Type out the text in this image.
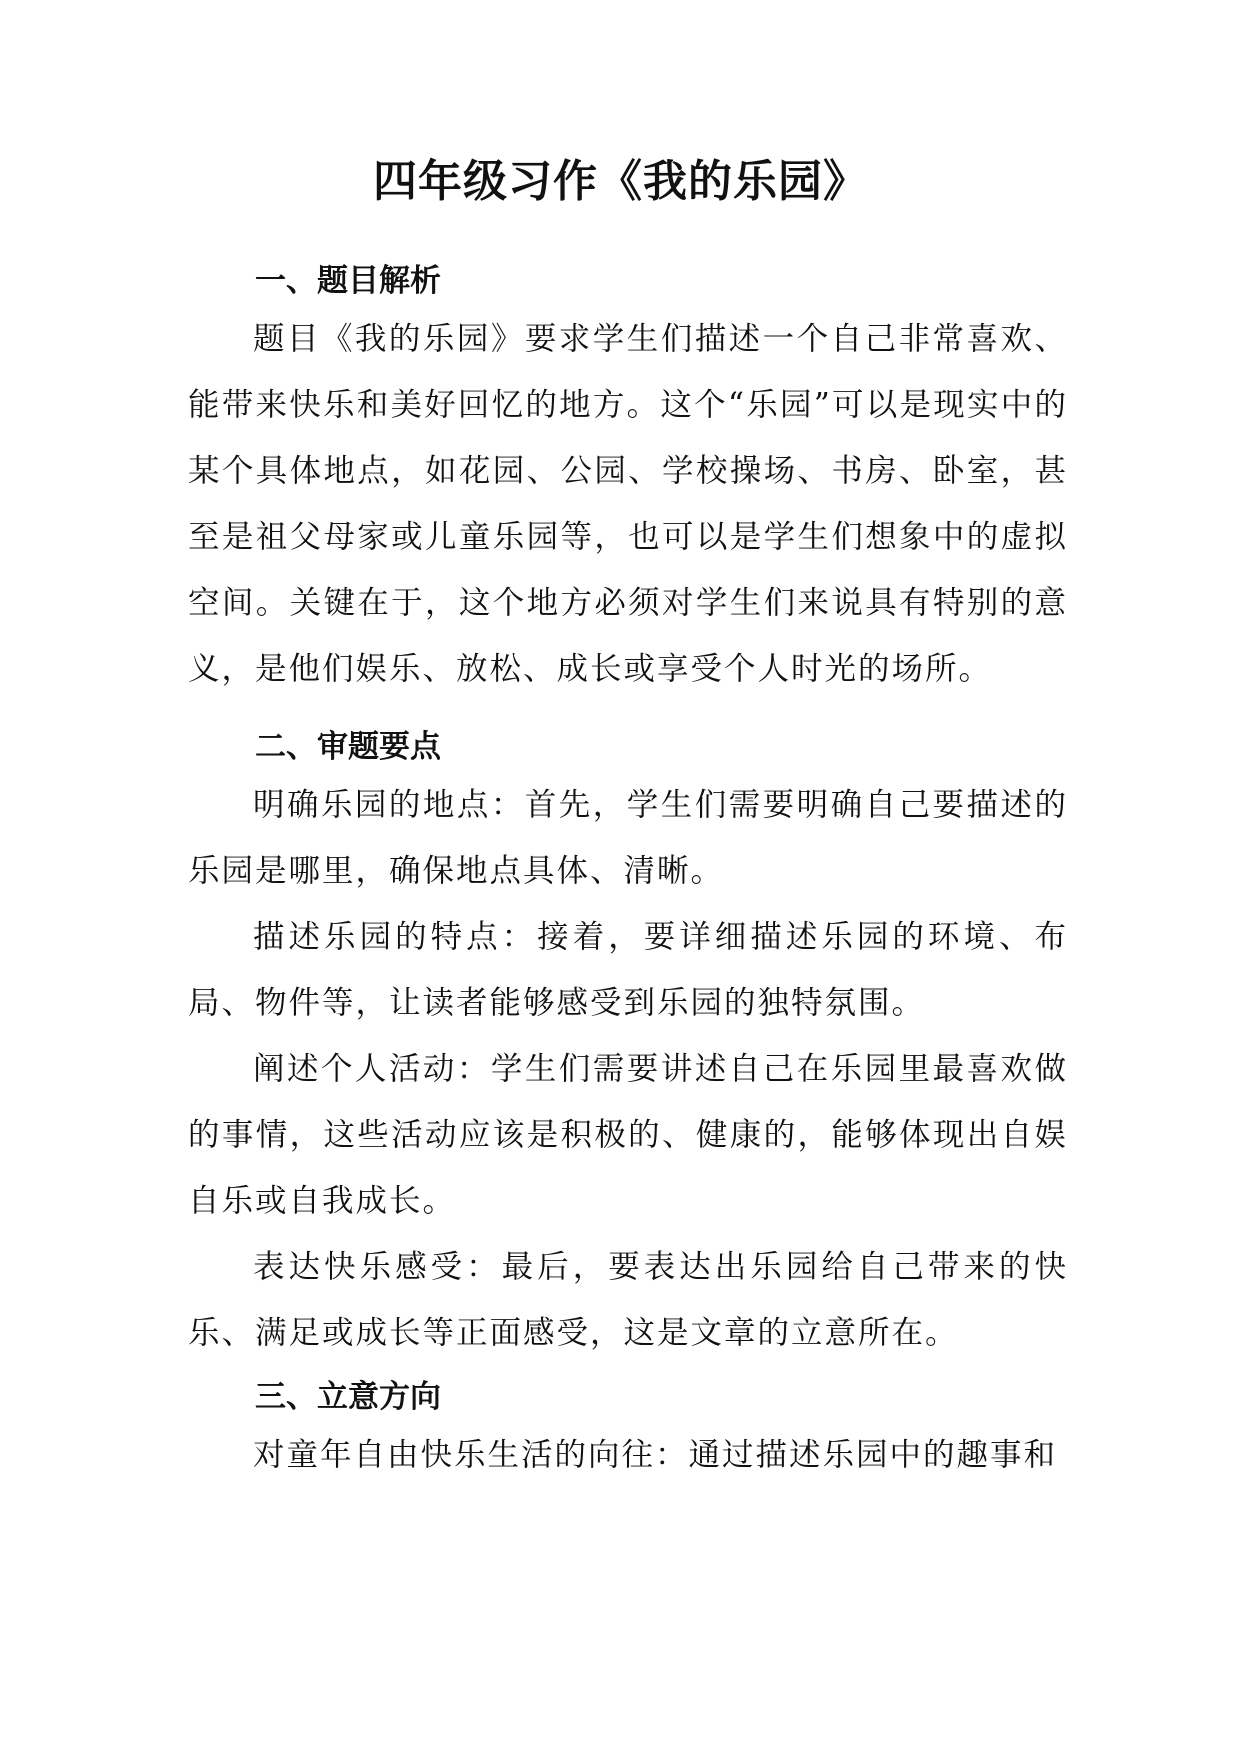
四年级习作《我的乐园》
一、题目解析

题目《我的乐园》要求学生们描述一个自己非常喜欢、能带来快乐和美好回忆的地方。这个“乐园”可以是现实中的某个具体地点，如花园、公园、学校操场、书房、卧室，甚至是祖父母家或儿童乐园等，也可以是学生们想象中的虚拟空间。关键在于，这个地方必须对学生们来说具有特别的意义，是他们娱乐、放松、成长或享受个人时光的场所。

二、审题要点

明确乐园的地点：首先，学生们需要明确自己要描述的乐园是哪里，确保地点具体、清晰。

描述乐园的特点：接着，要详细描述乐园的环境、布局、物件等，让读者能够感受到乐园的独特氛围。

阐述个人活动：学生们需要讲述自己在乐园里最喜欢做的事情，这些活动应该是积极的、健康的，能够体现出自娱自乐或自我成长。

表达快乐感受：最后，要表达出乐园给自己带来的快乐、满足或成长等正面感受，这是文章的立意所在。

三、立意方向

对童年自由快乐生活的向往：通过描述乐园中的趣事和
